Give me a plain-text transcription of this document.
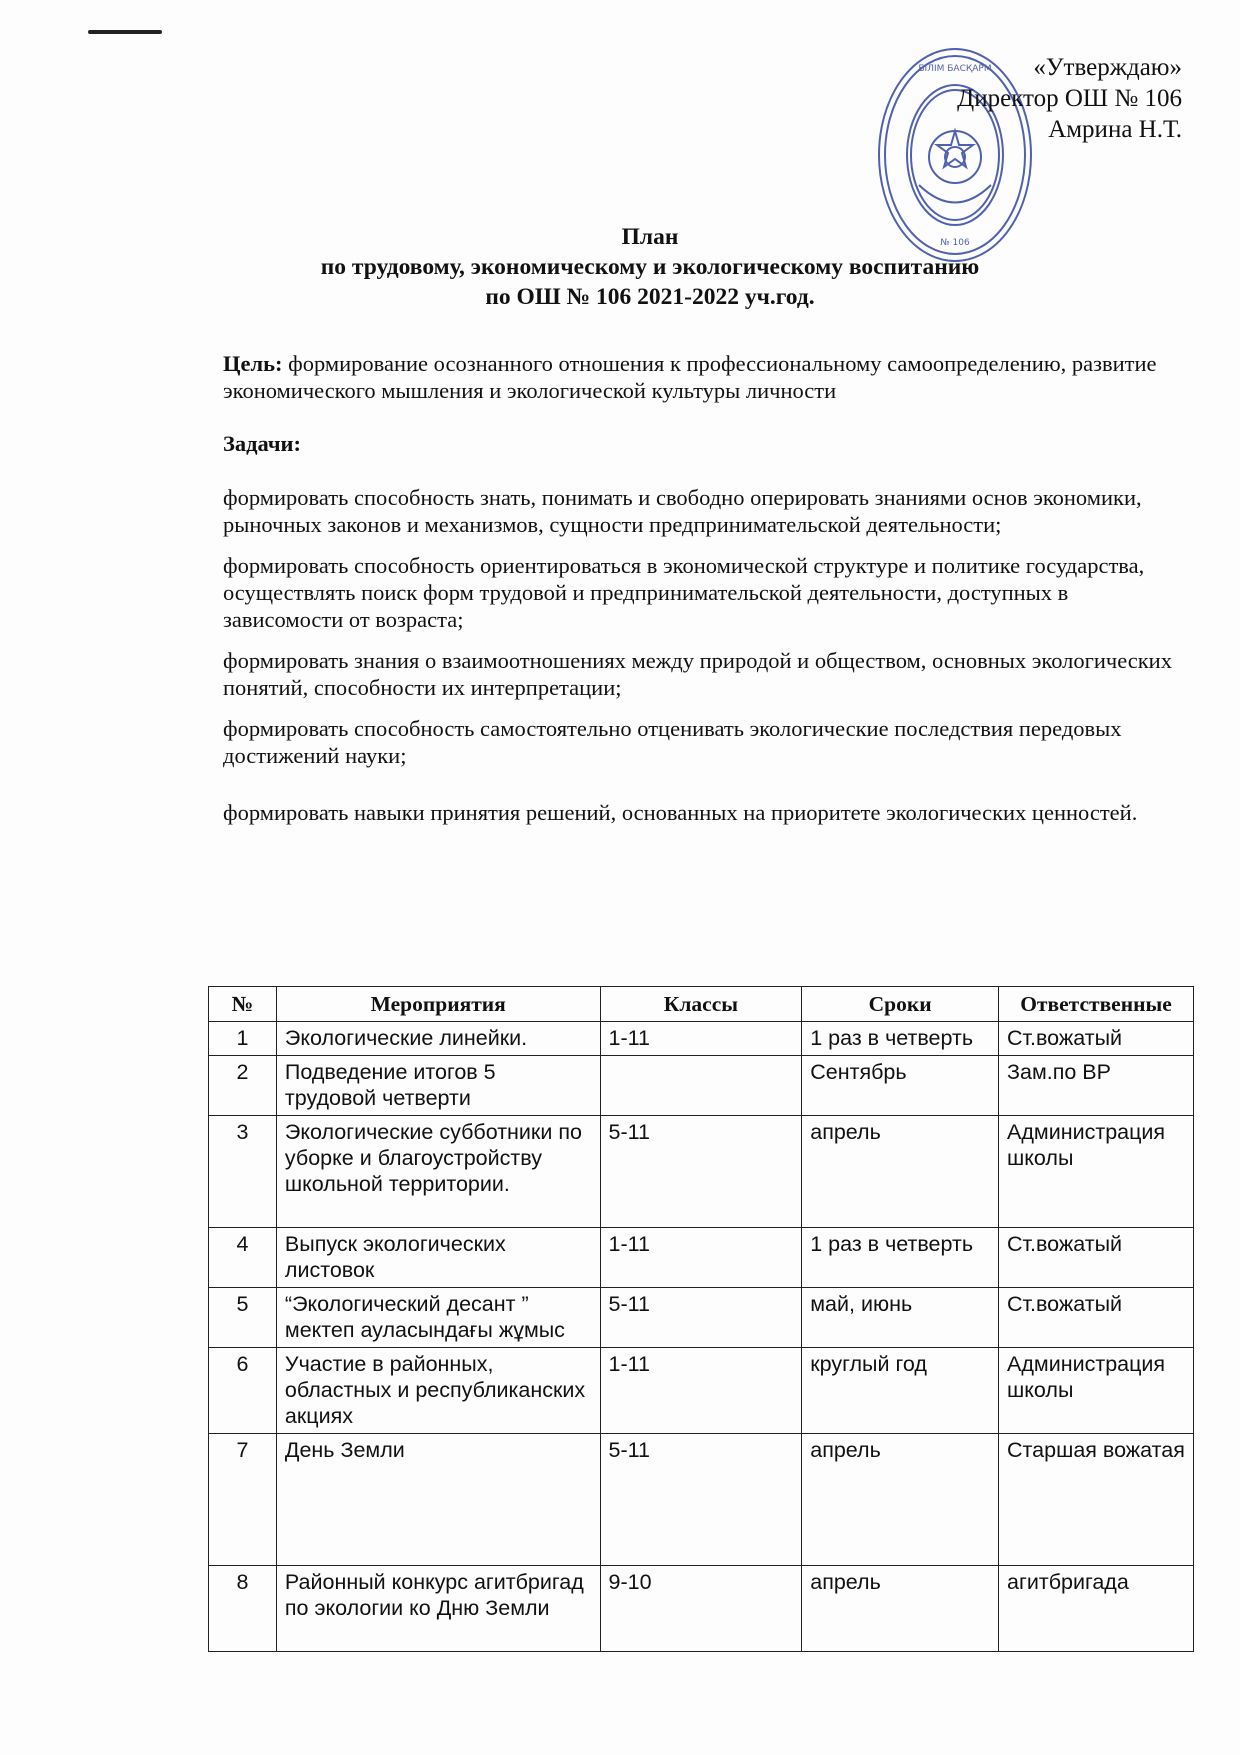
БІЛІМ БАСҚАРМ
№ 106
«Утверждаю»
Директор ОШ № 106
Амрина Н.Т.
План
по трудовому, экономическому и экологическому воспитанию
по ОШ № 106 2021-2022 уч.год.

Цель: формирование осознанного отношения к профессиональному самоопределению, развитие экономического мышления и экологической культуры личности

Задачи:

формировать способность знать, понимать и свободно оперировать знаниями основ экономики, рыночных законов и механизмов, сущности предпринимательской деятельности;

формировать способность ориентироваться в экономической структуре и политике государства, осуществлять поиск форм трудовой и предпринимательской деятельности, доступных в зависомости от возраста;

формировать знания о взаимоотношениях между природой и обществом, основных экологических понятий, способности их интерпретации;

формировать способность самостоятельно отценивать экологические последствия передовых достижений науки;

формировать навыки принятия решений, основанных на приоритете экологических ценностей.

№	Мероприятия	Классы	Сроки	Ответственные
1	Экологические линейки.	1-11	1 раз в четверть	Ст.вожатый
2	Подведение итогов 5 трудовой четверти		Сентябрь	Зам.по ВР
3	Экологические субботники по уборке и благоустройству школьной территории.	5-11	апрель	Администрация школы
4	Выпуск экологических листовок	1-11	1 раз в четверть	Ст.вожатый
5	“Экологический десант ” мектеп ауласындағы жұмыс	5-11	май, июнь	Ст.вожатый
6	Участие в районных, областных и республиканских акциях	1-11	круглый год	Администрация школы
7	День Земли	5-11	апрель	Старшая вожатая
8	Районный конкурс агитбригад по экологии ко Дню Земли	9-10	апрель	агитбригада
